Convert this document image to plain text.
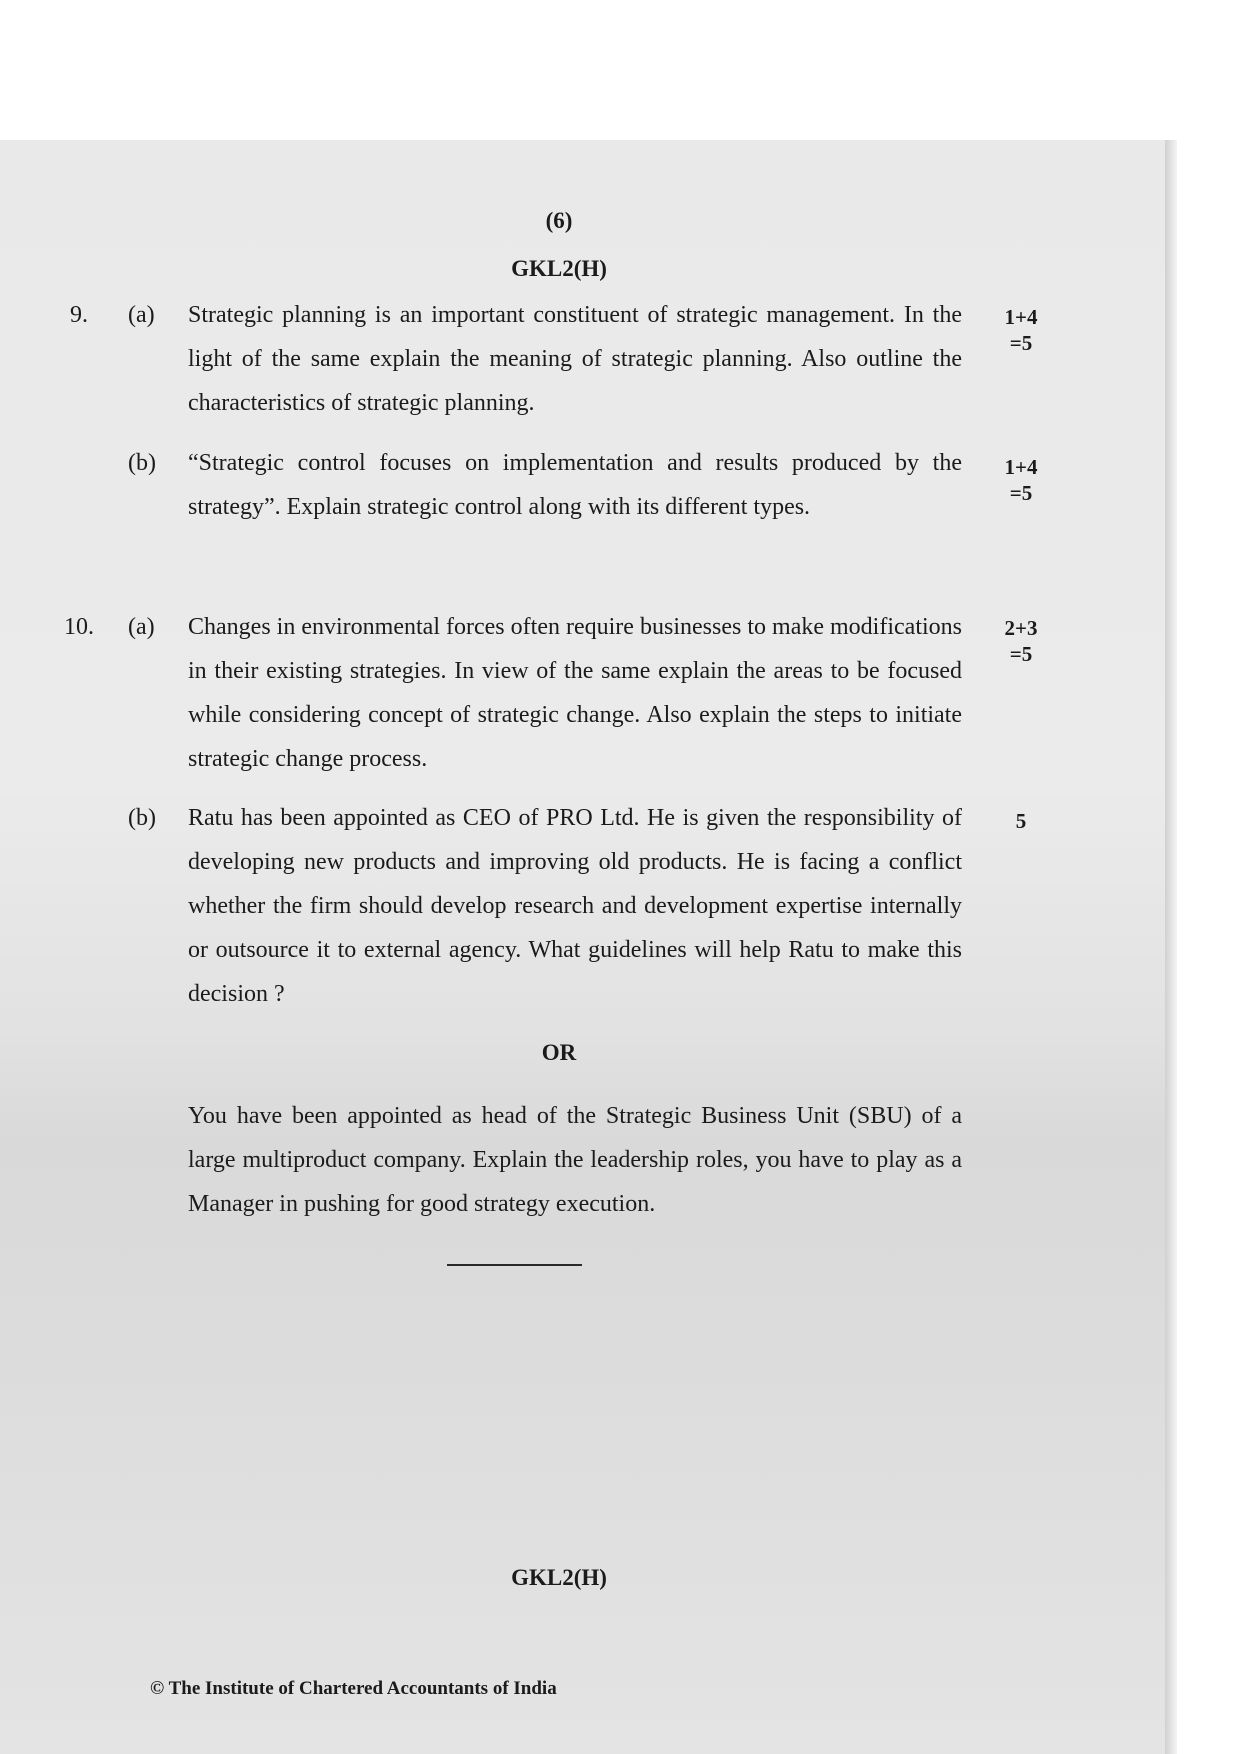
(6)
GKL2(H)
9. (a) Strategic planning is an important constituent of strategic management. In the light of the same explain the meaning of strategic planning. Also outline the characteristics of strategic planning.
1+4
=5
(b) “Strategic control focuses on implementation and results produced by the strategy”. Explain strategic control along with its different types.
1+4
=5
10. (a) Changes in environmental forces often require businesses to make modifications in their existing strategies. In view of the same explain the areas to be focused while considering concept of strategic change. Also explain the steps to initiate strategic change process.
2+3
=5
(b) Ratu has been appointed as CEO of PRO Ltd. He is given the responsibility of developing new products and improving old products. He is facing a conflict whether the firm should develop research and development expertise internally or outsource it to external agency. What guidelines will help Ratu to make this decision ?
5
OR
You have been appointed as head of the Strategic Business Unit (SBU) of a large multiproduct company. Explain the leadership roles, you have to play as a Manager in pushing for good strategy execution.
GKL2(H)
© The Institute of Chartered Accountants of India
